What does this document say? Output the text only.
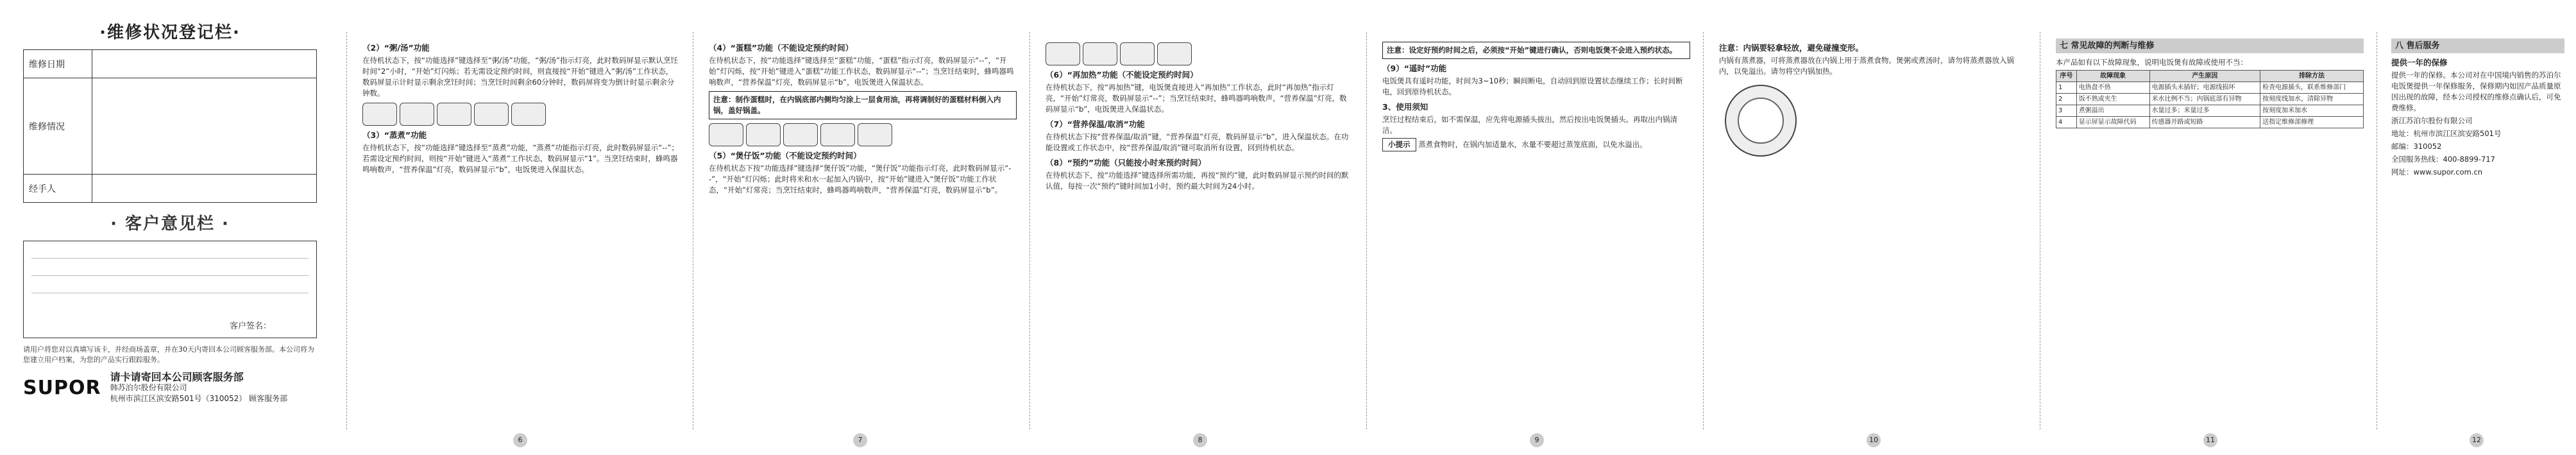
·维修状况登记栏·
维修日期	
维修情况	
经手人	
· 客户意见栏 ·
客户签名：
请用户将您对以真填写该卡，并经商场盖章，并在30天内寄回本公司顾客服务部。本公司将为您建立用户档案，为您的产品实行跟踪服务。
SUPOR 请卡请寄回本公司顾客服务部
韩苏泊尔股份有限公司
杭州市滨江区滨安路501号（310052） 顾客服务部
（2）“粥/汤”功能

在待机状态下，按“功能选择”键选择至“粥/汤”功能，“粥/汤”指示灯亮，此时数码屏显示默认烹饪时间“2”小时，“开始”灯闪烁；若无需设定预约时间，则直接按“开始”键进入“粥/汤”工作状态，数码屏显示计时显示剩余烹饪时间；当烹饪时间剩余60分钟时，数码屏将变为倒计时显示剩余分钟数。

（3）“蒸煮”功能

在待机状态下，按“功能选择”键选择至“蒸煮”功能，“蒸煮”功能指示灯亮，此时数码屏显示“--”；若需设定预约时间，则按“开始”键进入“蒸煮”工作状态，数码屏显示“1”。当烹饪结束时，蜂鸣器鸣响数声，“营养保温”灯亮，数码屏显示“b”，电饭煲进入保温状态。

6
（4）“蛋糕”功能（不能设定预约时间）

在待机状态下，按“功能选择”键选择至“蛋糕”功能，“蛋糕”指示灯亮，数码屏显示“--”，“开始”灯闪烁，按“开始”键进入“蛋糕”功能工作状态，数码屏显示“--”；当烹饪结束时，蜂鸣器鸣响数声，“营养保温”灯亮，数码屏显示“b”，电饭煲进入保温状态。

注意：制作蛋糕时，在内锅底部内侧均匀涂上一层食用油，再将调制好的蛋糕材料倒入内锅，盖好锅盖。
（5）“煲仔饭”功能（不能设定预约时间）

在待机状态下按“功能选择”键选择“煲仔饭”功能，“煲仔饭”功能指示灯亮，此时数码屏显示“--”，“开始”灯闪烁；此时将米和水一起加入内锅中，按“开始”键进入“煲仔饭”功能工作状态，“开始”灯常亮；当烹饪结束时，蜂鸣器鸣响数声，“营养保温”灯亮，数码屏显示“b”。

7
（6）“再加热”功能（不能设定预约时间）

在待机状态下，按“再加热”键，电饭煲直接进入“再加热”工作状态，此时“再加热”指示灯亮，“开始”灯常亮，数码屏显示“--”；当烹饪结束时，蜂鸣器鸣响数声，“营养保温”灯亮，数码屏显示“b”，电饭煲进入保温状态。

（7）“营养保温/取消”功能

在待机状态下按“营养保温/取消”键，“营养保温”灯亮，数码屏显示“b”，进入保温状态。在功能设置或工作状态中，按“营养保温/取消”键可取消所有设置，回到待机状态。

（8）“预约”功能（只能按小时来预约时间）

在待机状态下，按“功能选择”键选择所需功能，再按“预约”键，此时数码屏显示预约时间的默认值，每按一次“预约”键时间加1小时，预约最大时间为24小时。

8
注意：设定好预约时间之后，必须按“开始”键进行确认，否则电饭煲不会进入预约状态。
（9）“遥时”功能

电饭煲具有遥时功能，时间为3~10秒；瞬间断电，自动回到原设置状态继续工作；长时间断电，回到原待机状态。

3、使用须知

烹饪过程结束后，如不需保温，应先将电源插头拔出，然后按出电饭煲插头。再取出内锅清洁。

小提示 蒸煮食物时，在锅内加适量水，水量不要超过蒸笼底面，以免水溢出。

9
注意：内锅要轻拿轻放，避免碰撞变形。

内锅有蒸煮器，可将蒸煮器放在内锅上用于蒸煮食物。煲粥或煮汤时，请勿将蒸煮器放入锅内，以免溢出。请勿将空内锅加热。

10
七 常见故障的判断与维修

本产品如有以下故障现象，说明电饭煲有故障或使用不当：

序号	故障现象	产生原因	排除方法
1	电热盘不热	电源插头未插好；电源线损坏	检查电源插头，联系维修部门
2	饭不熟或夹生	米水比例不当；内锅底部有异物	按刻度线加水，清除异物
3	煮粥溢出	水量过多；米量过多	按刻度加米加水
4	显示屏显示故障代码	传感器开路或短路	送指定维修部修理
11
八 售后服务
提供一年的保修

提供一年的保修。本公司对在中国境内销售的苏泊尔电饭煲提供一年保修服务，保修期内如因产品质量原因出现的故障，经本公司授权的维修点确认后，可免费维修。

浙江苏泊尔股份有限公司

地址：杭州市滨江区滨安路501号

邮编：310052

全国服务热线：400-8899-717

网址：www.supor.com.cn

12
